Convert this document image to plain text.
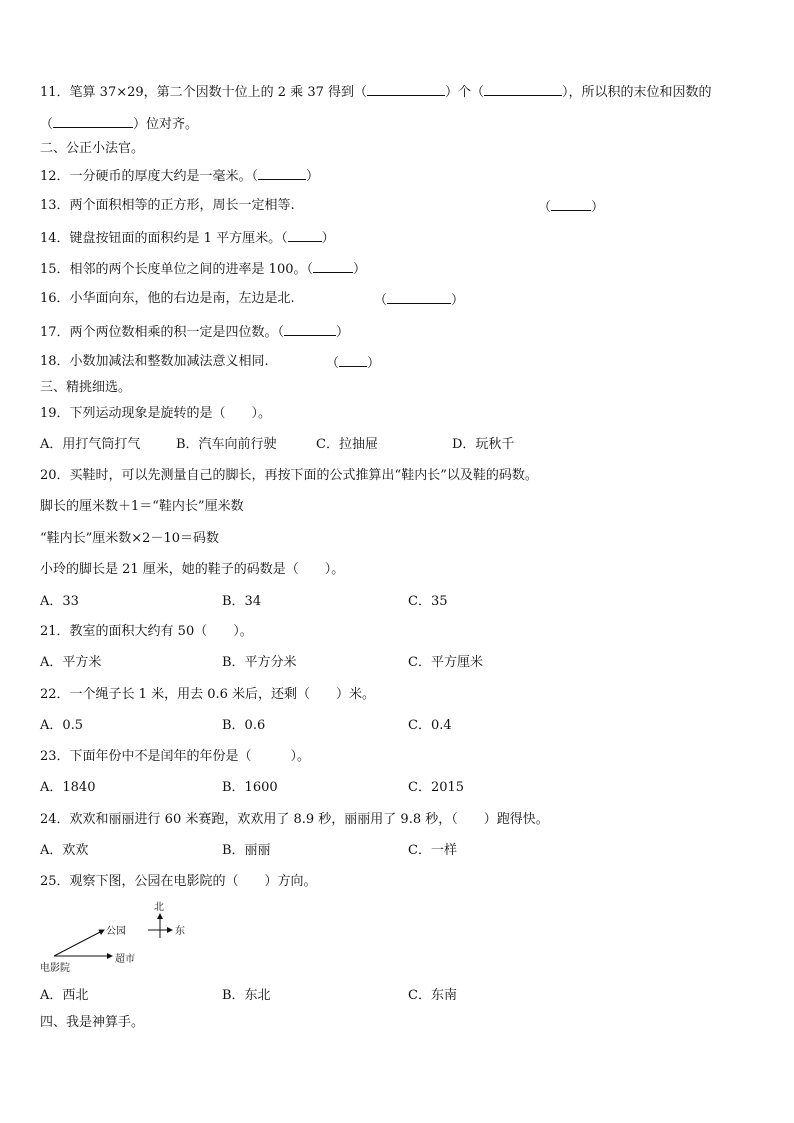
11．笔算 37×29，第二个因数十位上的 2 乘 37 得到（	）个（	），所以积的末位和因数的
（	）位对齐。
二、公正小法官。
12．一分硬币的厚度大约是一毫米。（	）
13．两个面积相等的正方形，周长一定相等.	（	）
14．键盘按钮面的面积约是 1 平方厘米。（	）
15．相邻的两个长度单位之间的进率是 100。（	）
16．小华面向东，他的右边是南，左边是北.	（	）
17．两个两位数相乘的积一定是四位数。（	）
18．小数加减法和整数加减法意义相同.	（ ）
三、精挑细选。
19．下列运动现象是旋转的是（　　）。
A．用打气筒打气	B．汽车向前行驶	C．拉抽屉	D．玩秋千
20．买鞋时，可以先测量自己的脚长，再按下面的公式推算出“鞋内长”以及鞋的码数。
脚长的厘米数＋1＝“鞋内长”厘米数
“鞋内长”厘米数×2－10＝码数
小玲的脚长是 21 厘米，她的鞋子的码数是（　　）。
A．33	B．34	C．35
21．教室的面积大约有 50（　　）。
A．平方米	B．平方分米	C．平方厘米
22．一个绳子长 1 米，用去 0.6 米后，还剩（　　）米。
A．0.5	B．0.6	C．0.4
23．下面年份中不是闰年的年份是（　　　）。
A．1840	B．1600	C．2015
24．欢欢和丽丽进行 60 米赛跑，欢欢用了 8.9 秒，丽丽用了 9.8 秒，（　　）跑得快。
A．欢欢	B．丽丽	C．一样
25．观察下图，公园在电影院的（　　）方向。
北
东
公园
超市
电影院
A．西北	B．东北	C．东南
四、我是神算手。
